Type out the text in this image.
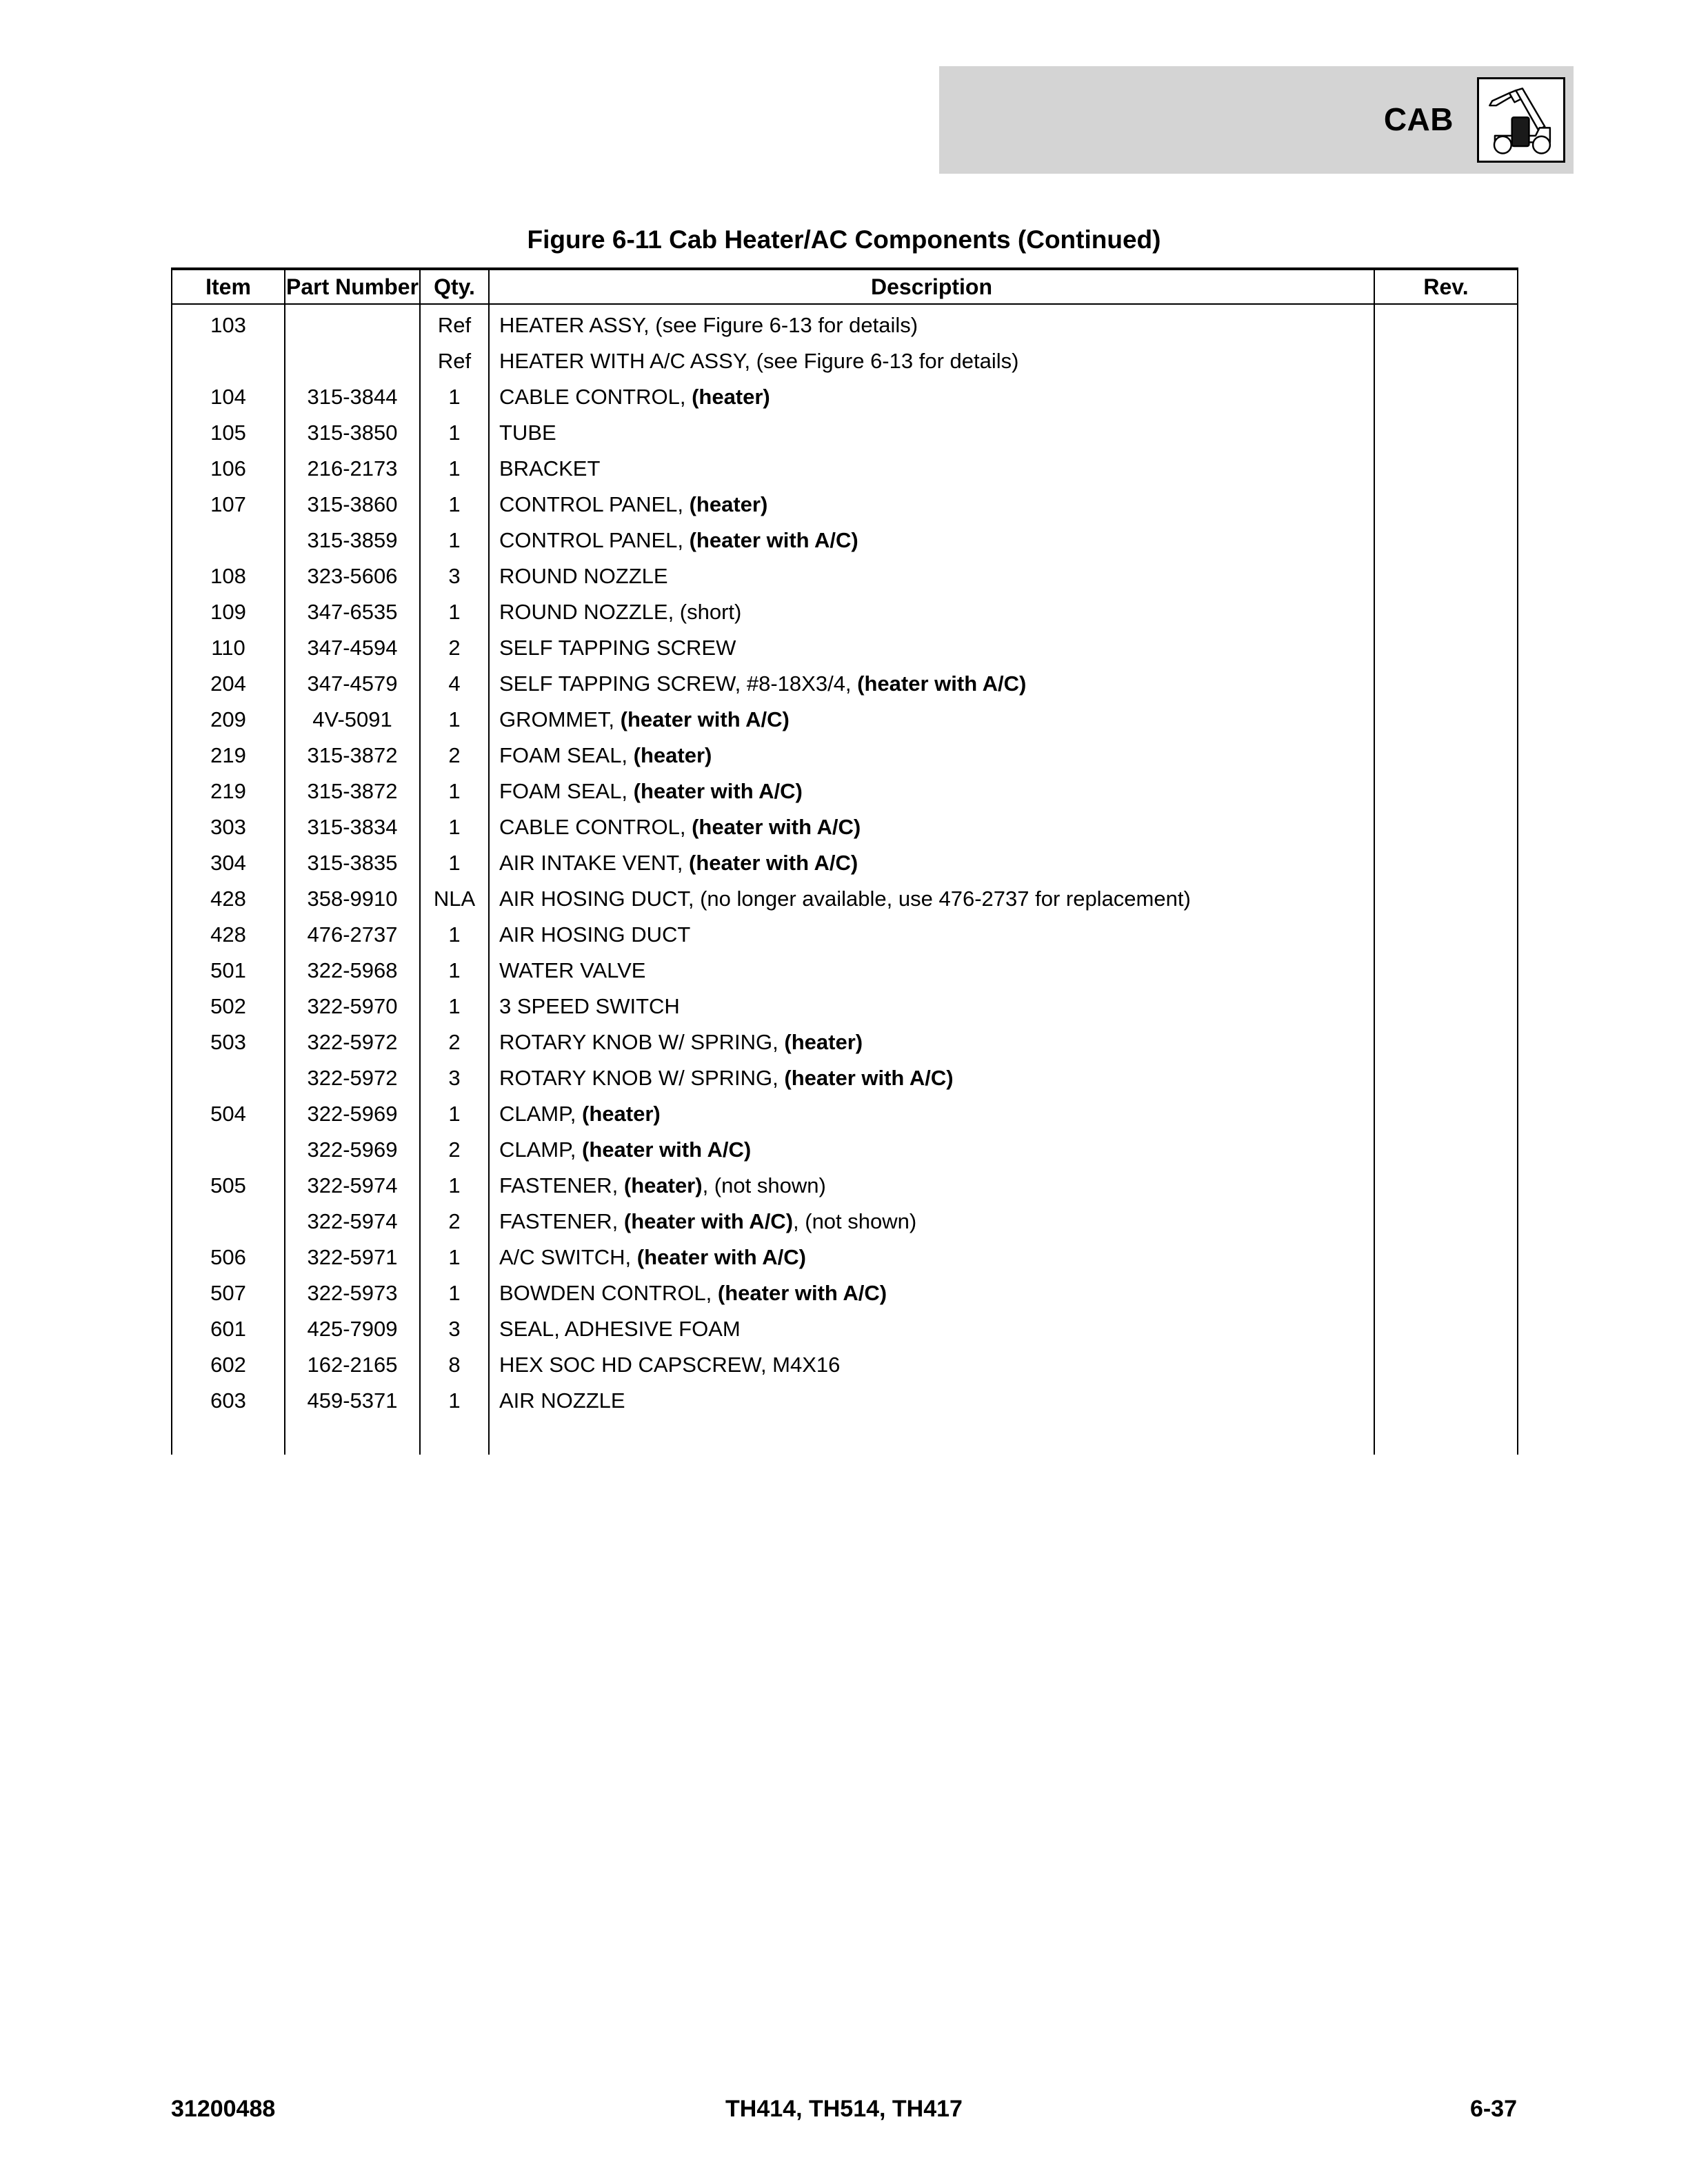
CAB
Figure 6-11 Cab Heater/AC Components (Continued)
Item	Part Number	Qty.	Description	Rev.
103		Ref	HEATER ASSY, (see Figure 6-13 for details)	
		Ref	HEATER WITH A/C ASSY, (see Figure 6-13 for details)	
104	315-3844	1	CABLE CONTROL, (heater)	
105	315-3850	1	TUBE	
106	216-2173	1	BRACKET	
107	315-3860	1	CONTROL PANEL, (heater)	
	315-3859	1	CONTROL PANEL, (heater with A/C)	
108	323-5606	3	ROUND NOZZLE	
109	347-6535	1	ROUND NOZZLE, (short)	
110	347-4594	2	SELF TAPPING SCREW	
204	347-4579	4	SELF TAPPING SCREW, #8-18X3/4, (heater with A/C)	
209	4V-5091	1	GROMMET, (heater with A/C)	
219	315-3872	2	FOAM SEAL, (heater)	
219	315-3872	1	FOAM SEAL, (heater with A/C)	
303	315-3834	1	CABLE CONTROL, (heater with A/C)	
304	315-3835	1	AIR INTAKE VENT, (heater with A/C)	
428	358-9910	NLA	AIR HOSING DUCT, (no longer available, use 476-2737 for replacement)	
428	476-2737	1	AIR HOSING DUCT	
501	322-5968	1	WATER VALVE	
502	322-5970	1	3 SPEED SWITCH	
503	322-5972	2	ROTARY KNOB W/ SPRING, (heater)	
	322-5972	3	ROTARY KNOB W/ SPRING, (heater with A/C)	
504	322-5969	1	CLAMP, (heater)	
	322-5969	2	CLAMP, (heater with A/C)	
505	322-5974	1	FASTENER, (heater), (not shown)	
	322-5974	2	FASTENER, (heater with A/C), (not shown)	
506	322-5971	1	A/C SWITCH, (heater with A/C)	
507	322-5973	1	BOWDEN CONTROL, (heater with A/C)	
601	425-7909	3	SEAL, ADHESIVE FOAM	
602	162-2165	8	HEX SOC HD CAPSCREW, M4X16	
603	459-5371	1	AIR NOZZLE	

31200488	TH414, TH514, TH417	6-37
